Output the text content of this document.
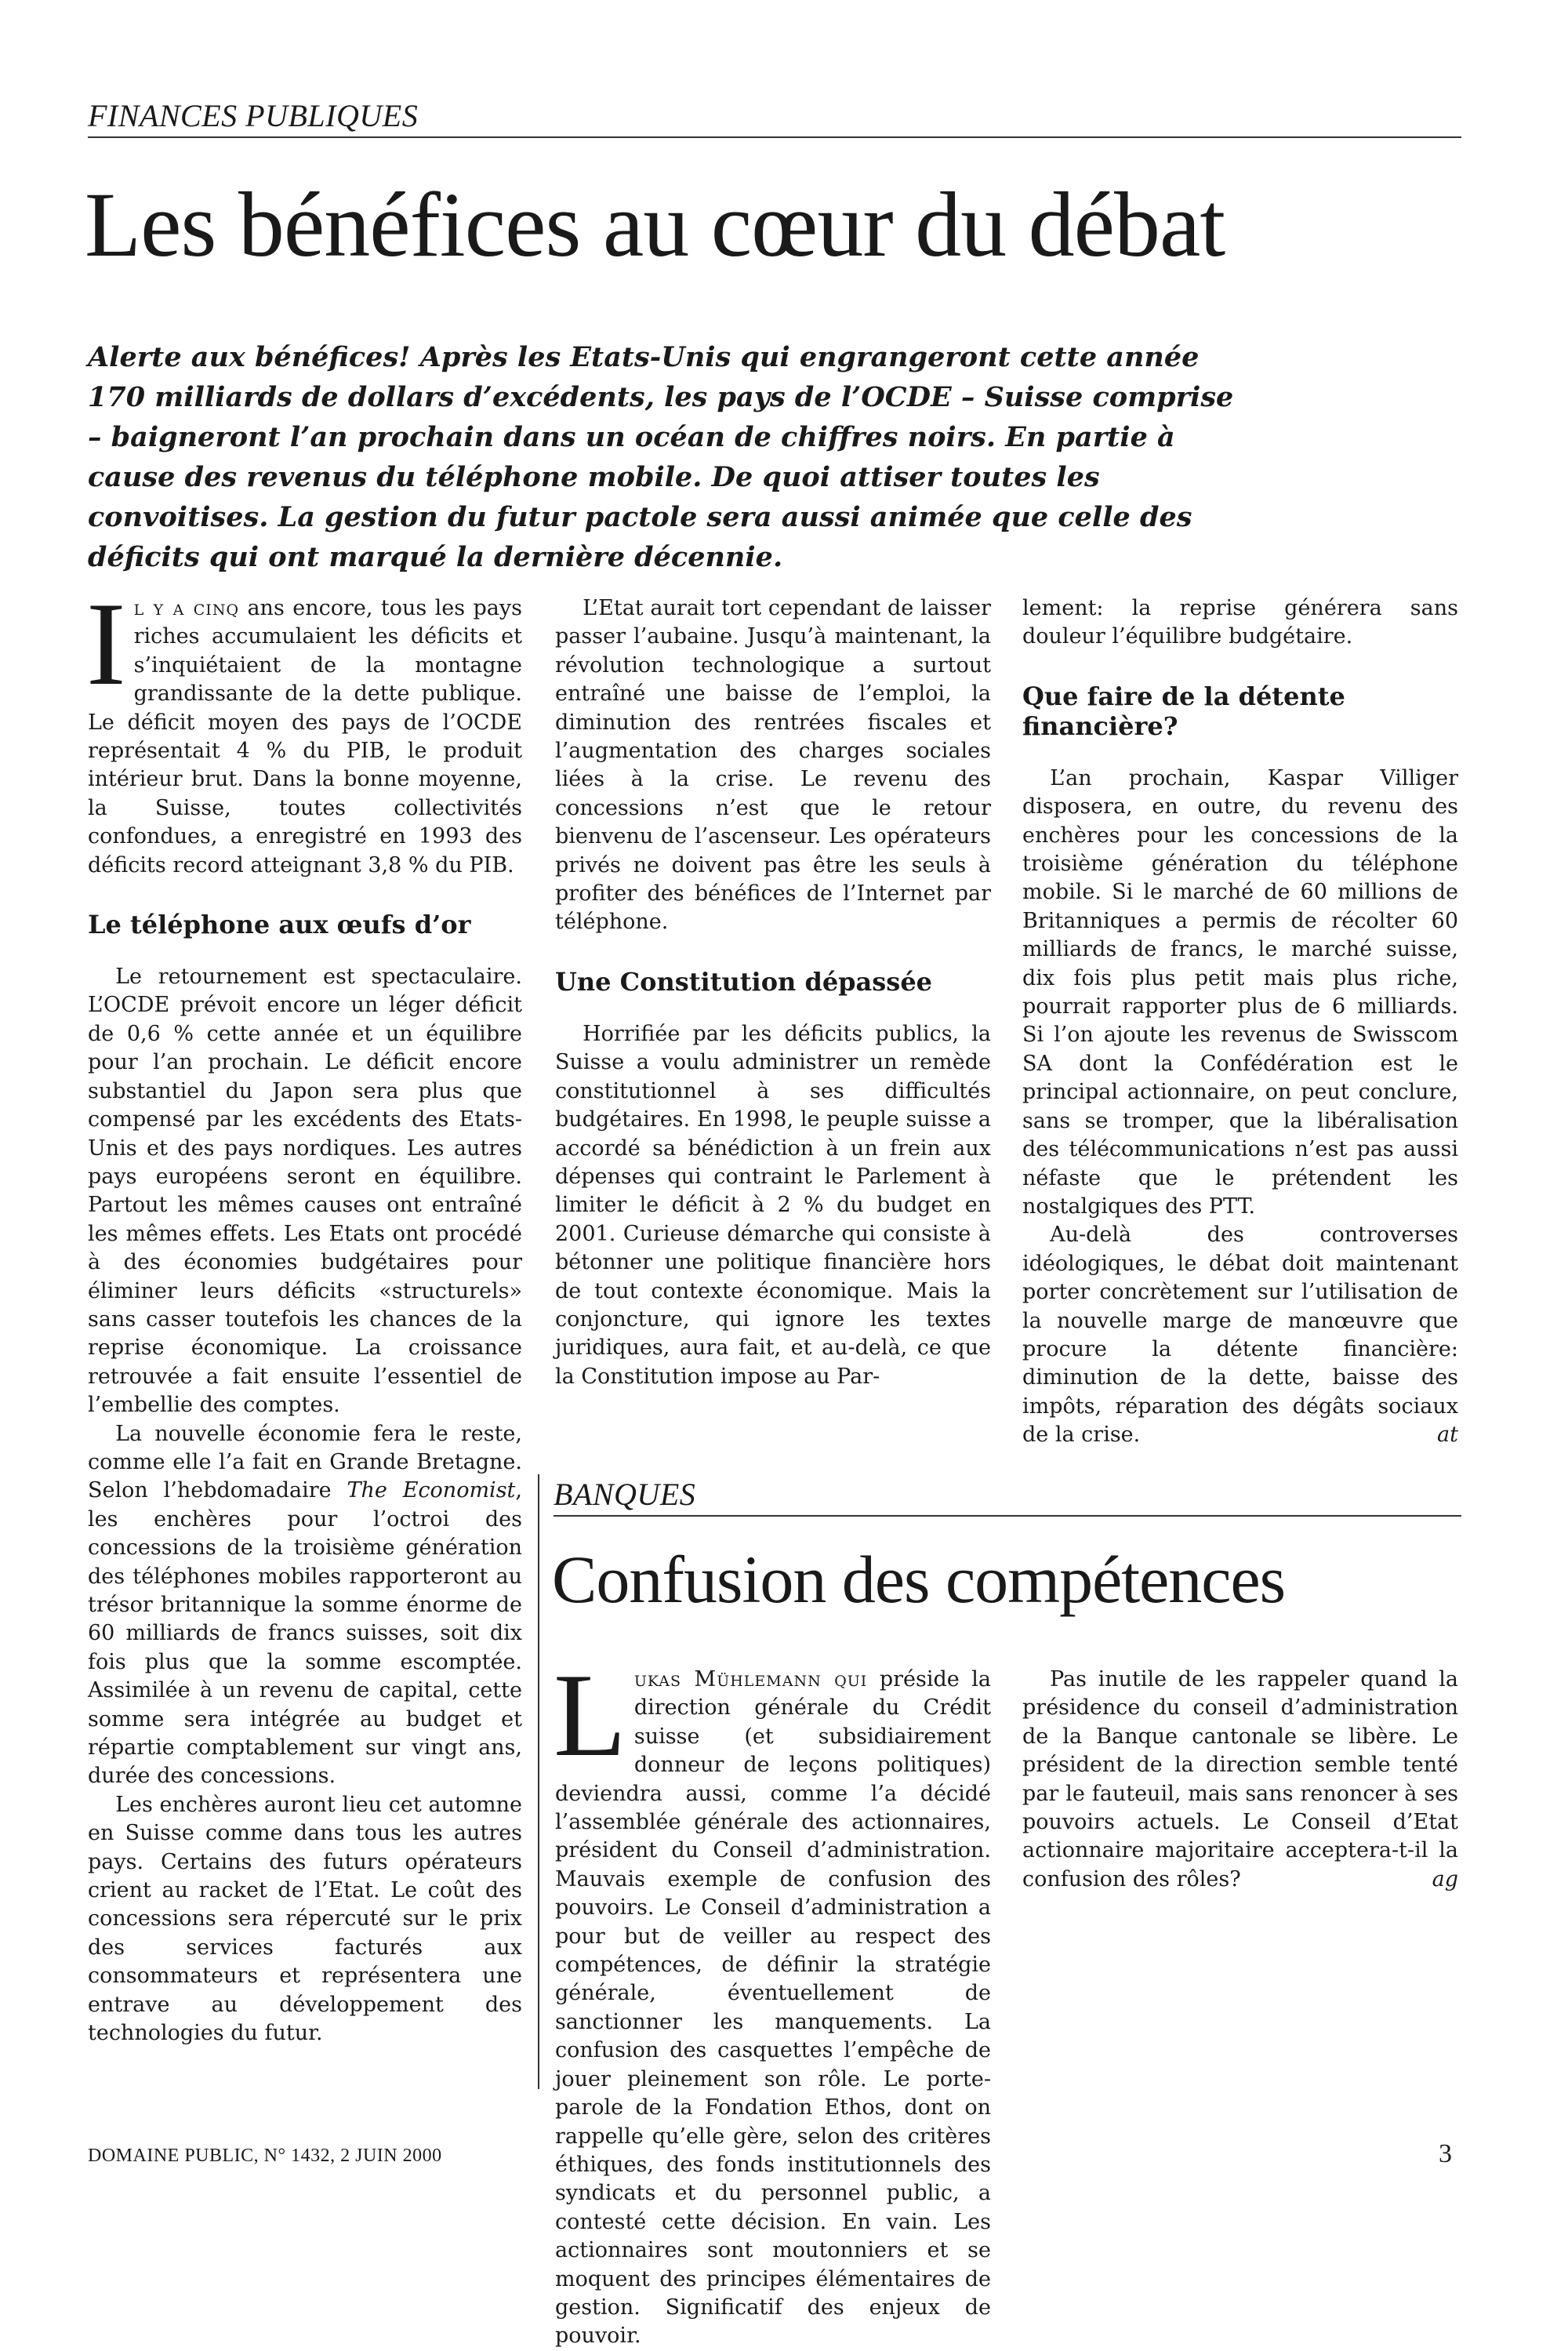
FINANCES PUBLIQUES
Les bénéfices au cœur du débat

Alerte aux bénéfices! Après les Etats-Unis qui engrangeront cette année 170 milliards de dollars d’excédents, les pays de l’OCDE – Suisse comprise – baigneront l’an prochain dans un océan de chiffres noirs. En partie à cause des revenus du téléphone mobile. De quoi attiser toutes les convoitises. La gestion du futur pactole sera aussi animée que celle des déficits qui ont marqué la dernière décennie.

Il y a cinq ans encore, tous les pays riches accumulaient les déficits et s’inquiétaient de la montagne grandissante de la dette publique. Le déficit moyen des pays de l’OCDE représentait 4 % du PIB, le produit intérieur brut. Dans la bonne moyenne, la Suisse, toutes collectivités confondues, a enregistré en 1993 des déficits record atteignant 3,8 % du PIB.

Le téléphone aux œufs d’or

Le retournement est spectaculaire. L’OCDE prévoit encore un léger déficit de 0,6 % cette année et un équilibre pour l’an prochain. Le déficit encore substantiel du Japon sera plus que compensé par les excédents des Etats-Unis et des pays nordiques. Les autres pays européens seront en équilibre. Partout les mêmes causes ont entraîné les mêmes effets. Les Etats ont procédé à des économies budgétaires pour éliminer leurs déficits «structurels» sans casser toutefois les chances de la reprise économique. La croissance retrouvée a fait ensuite l’essentiel de l’embellie des comptes.

La nouvelle économie fera le reste, comme elle l’a fait en Grande Bretagne. Selon l’hebdomadaire The Economist, les enchères pour l’octroi des concessions de la troisième génération des téléphones mobiles rapporteront au trésor britannique la somme énorme de 60 milliards de francs suisses, soit dix fois plus que la somme escomptée. Assimilée à un revenu de capital, cette somme sera intégrée au budget et répartie comptablement sur vingt ans, durée des concessions.

Les enchères auront lieu cet automne en Suisse comme dans tous les autres pays. Certains des futurs opérateurs crient au racket de l’Etat. Le coût des concessions sera répercuté sur le prix des services facturés aux consommateurs et représentera une entrave au développement des technologies du futur.

L’Etat aurait tort cependant de laisser passer l’aubaine. Jusqu’à maintenant, la révolution technologique a surtout entraîné une baisse de l’emploi, la diminution des rentrées fiscales et l’augmentation des charges sociales liées à la crise. Le revenu des concessions n’est que le retour bienvenu de l’ascenseur. Les opérateurs privés ne doivent pas être les seuls à profiter des bénéfices de l’Internet par téléphone.

Une Constitution dépassée

Horrifiée par les déficits publics, la Suisse a voulu administrer un remède constitutionnel à ses difficultés budgétaires. En 1998, le peuple suisse a accordé sa bénédiction à un frein aux dépenses qui contraint le Parlement à limiter le déficit à 2 % du budget en 2001. Curieuse démarche qui consiste à bétonner une politique financière hors de tout contexte économique. Mais la conjoncture, qui ignore les textes juridiques, aura fait, et au-delà, ce que la Constitution impose au Par-

lement: la reprise générera sans douleur l’équilibre budgétaire.

Que faire de la détente financière?

L’an prochain, Kaspar Villiger disposera, en outre, du revenu des enchères pour les concessions de la troisième génération du téléphone mobile. Si le marché de 60 millions de Britanniques a permis de récolter 60 milliards de francs, le marché suisse, dix fois plus petit mais plus riche, pourrait rapporter plus de 6 milliards. Si l’on ajoute les revenus de Swisscom SA dont la Confédération est le principal actionnaire, on peut conclure, sans se tromper, que la libéralisation des télécommunications n’est pas aussi néfaste que le prétendent les nostalgiques des PTT.

Au-delà des controverses idéologiques, le débat doit maintenant porter concrètement sur l’utilisation de la nouvelle marge de manœuvre que procure la détente financière: diminution de la dette, baisse des impôts, réparation des dégâts sociaux de la crise.	at

BANQUES
Confusion des compétences

Lukas Mühlemann qui préside la direction générale du Crédit suisse (et subsidiairement donneur de leçons politiques) deviendra aussi, comme l’a décidé l’assemblée générale des actionnaires, président du Conseil d’administration. Mauvais exemple de confusion des pouvoirs. Le Conseil d’administration a pour but de veiller au respect des compétences, de définir la stratégie générale, éventuellement de sanctionner les manquements. La confusion des casquettes l’empêche de jouer pleinement son rôle. Le porte-parole de la Fondation Ethos, dont on rappelle qu’elle gère, selon des critères éthiques, des fonds institutionnels des syndicats et du personnel public, a contesté cette décision. En vain. Les actionnaires sont moutonniers et se moquent des principes élémentaires de gestion. Significatif des enjeux de pouvoir.

Pas inutile de les rappeler quand la présidence du conseil d’administration de la Banque cantonale se libère. Le président de la direction semble tenté par le fauteuil, mais sans renoncer à ses pouvoirs actuels. Le Conseil d’Etat actionnaire majoritaire acceptera-t-il la confusion des rôles?	ag

DOMAINE PUBLIC, N° 1432, 2 JUIN 2000	3
